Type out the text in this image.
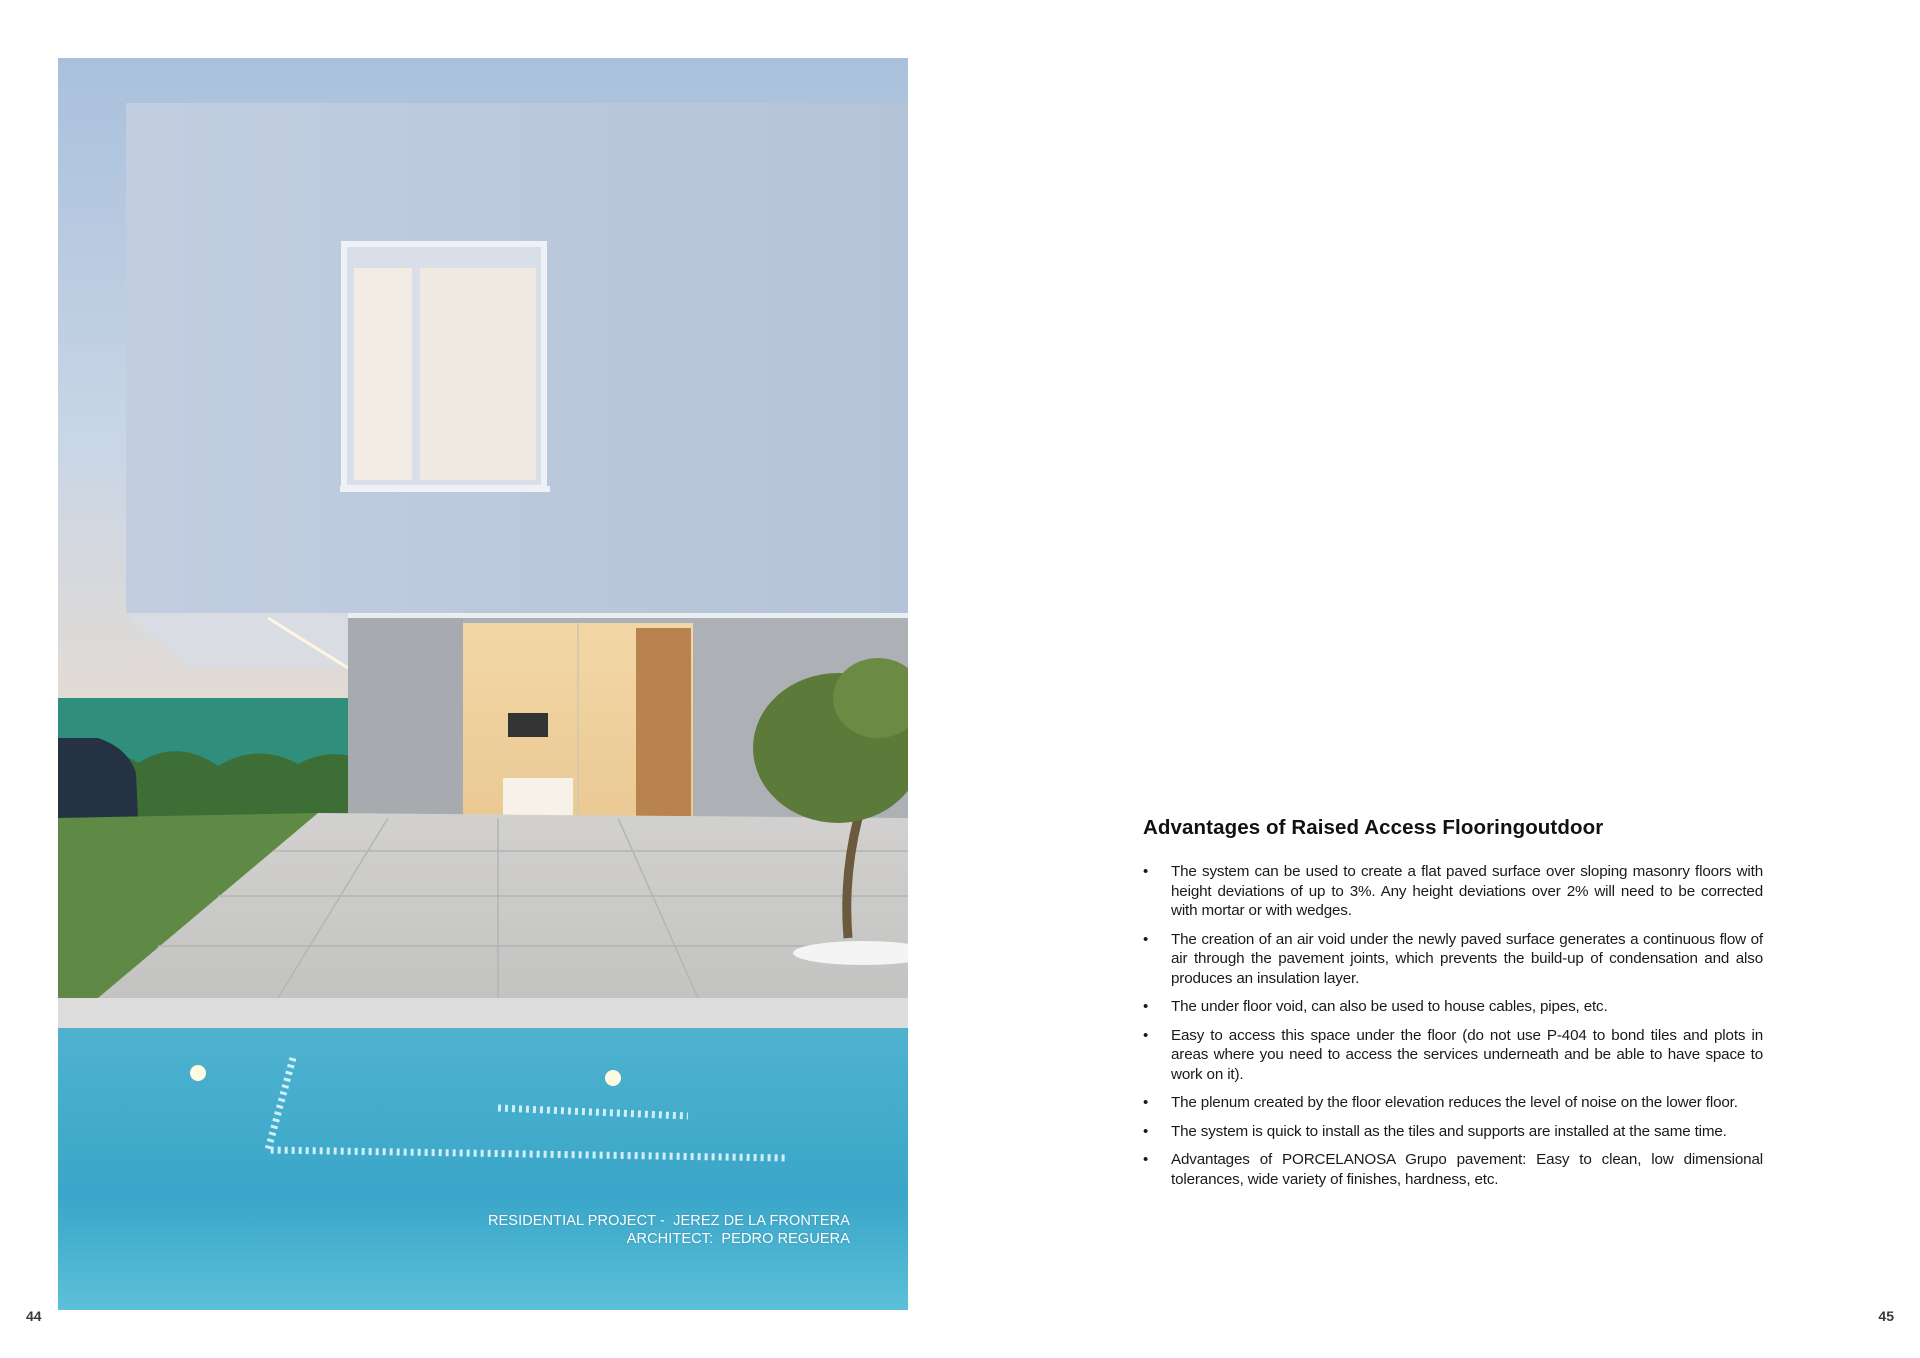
RESIDENTIAL PROJECT -  JEREZ DE LA FRONTERA
ARCHITECT:  PEDRO REGUERA
44	45
Advantages of Raised Access Flooringoutdoor
• The system can be used to create a flat paved surface over sloping masonry floors with height deviations of up to 3%. Any height deviations over 2% will need to be corrected with mortar or with wedges.
• The creation of an air void under the newly paved surface generates a continuous flow of air through the pavement joints, which prevents the build-up of condensation and also produces an insulation layer.
• The under floor void, can also be used to house cables, pipes, etc.
• Easy to access this space under the floor (do not use P-404 to bond tiles and plots in areas where you need to access the services underneath and be able to have space to work on it).
• The plenum created by the floor elevation reduces the level of noise on the lower floor.
• The system is quick to install as the tiles and supports are installed at the same time.
• Advantages of PORCELANOSA Grupo pavement: Easy to clean, low dimensional tolerances, wide variety of finishes, hardness, etc.
